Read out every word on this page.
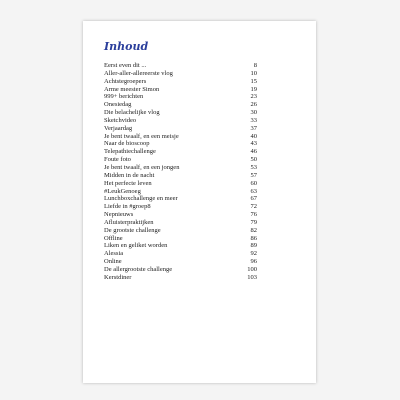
Inhoud
Eerst even dit ...	8
Aller-aller-allereerste vlog	10
Achtstegroepers	15
Arme meester Simon	19
999+ berichten	23
Onesiedag	26
Die belachelijke vlog	30
Sketchvideo	33
Verjaardag	37
Je bent twaalf, en een meisje	40
Naar de bioscoop	43
Telepathiechallenge	46
Foute foto	50
Je bent twaalf, en een jongen	53
Midden in de nacht	57
Het perfecte leven	60
#LeukGenoeg	63
Lunchboxchallenge en meer	67
Liefde in #groep8	72
Nepnieuws	76
Afluisterpraktijken	79
De grootste challenge	82
Offline	86
Liken en geliket worden	89
Alessia	92
Online	96
De allergrootste challenge	100
Kerstdiner	103
